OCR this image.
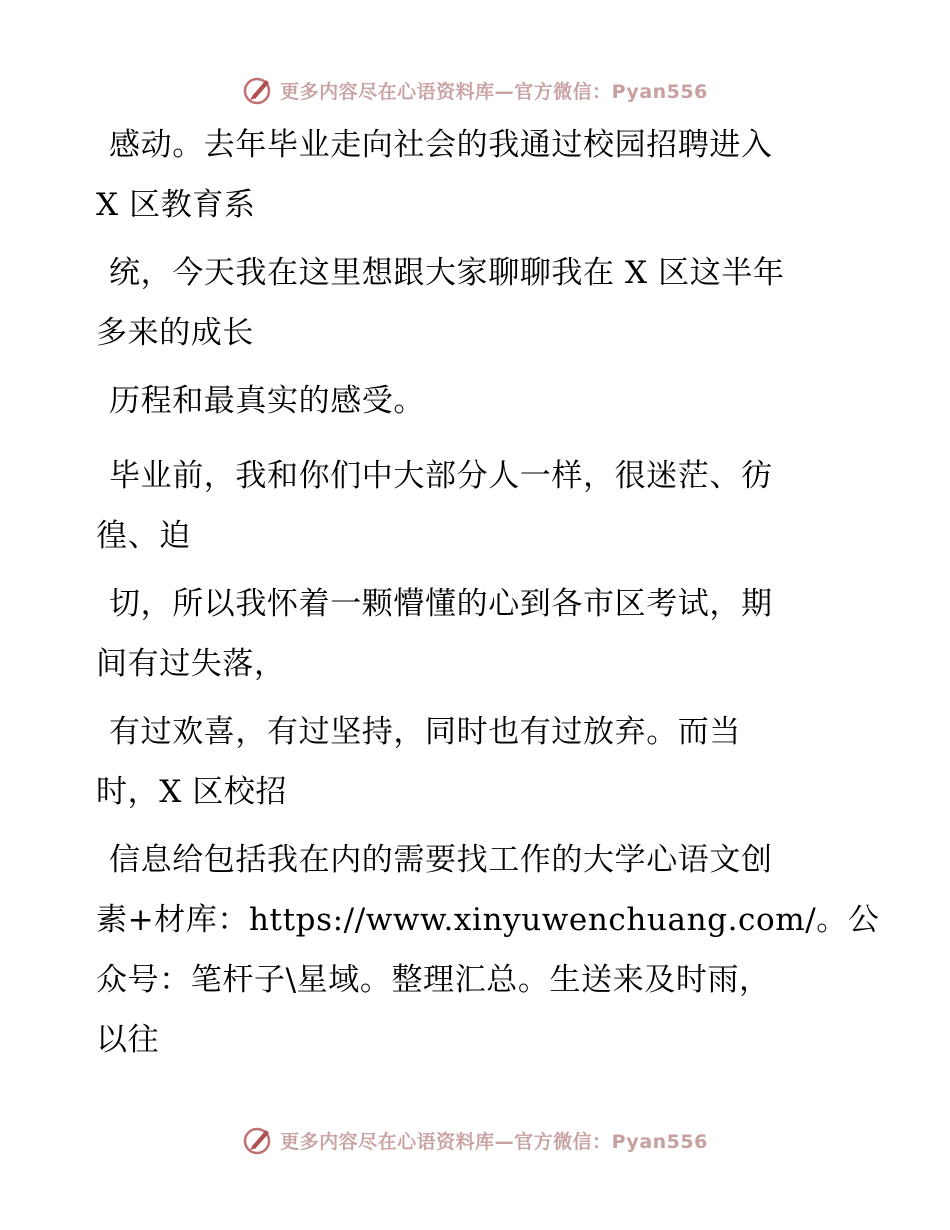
更多内容尽在心语资料库—官方微信：Pyan556
感动。去年毕业走向社会的我通过校园招聘进入
X 区教育系
统，今天我在这里想跟大家聊聊我在 X 区这半年
多来的成长
历程和最真实的感受。
毕业前，我和你们中大部分人一样，很迷茫、彷
徨、迫
切，所以我怀着一颗懵懂的心到各市区考试，期
间有过失落，
有过欢喜，有过坚持，同时也有过放弃。而当
时，X 区校招
信息给包括我在内的需要找工作的大学心语文创
素+材库：https://www.xinyuwenchuang.com/。公
众号：笔杆子\星域。整理汇总。生送来及时雨，
以往
更多内容尽在心语资料库—官方微信：Pyan556
